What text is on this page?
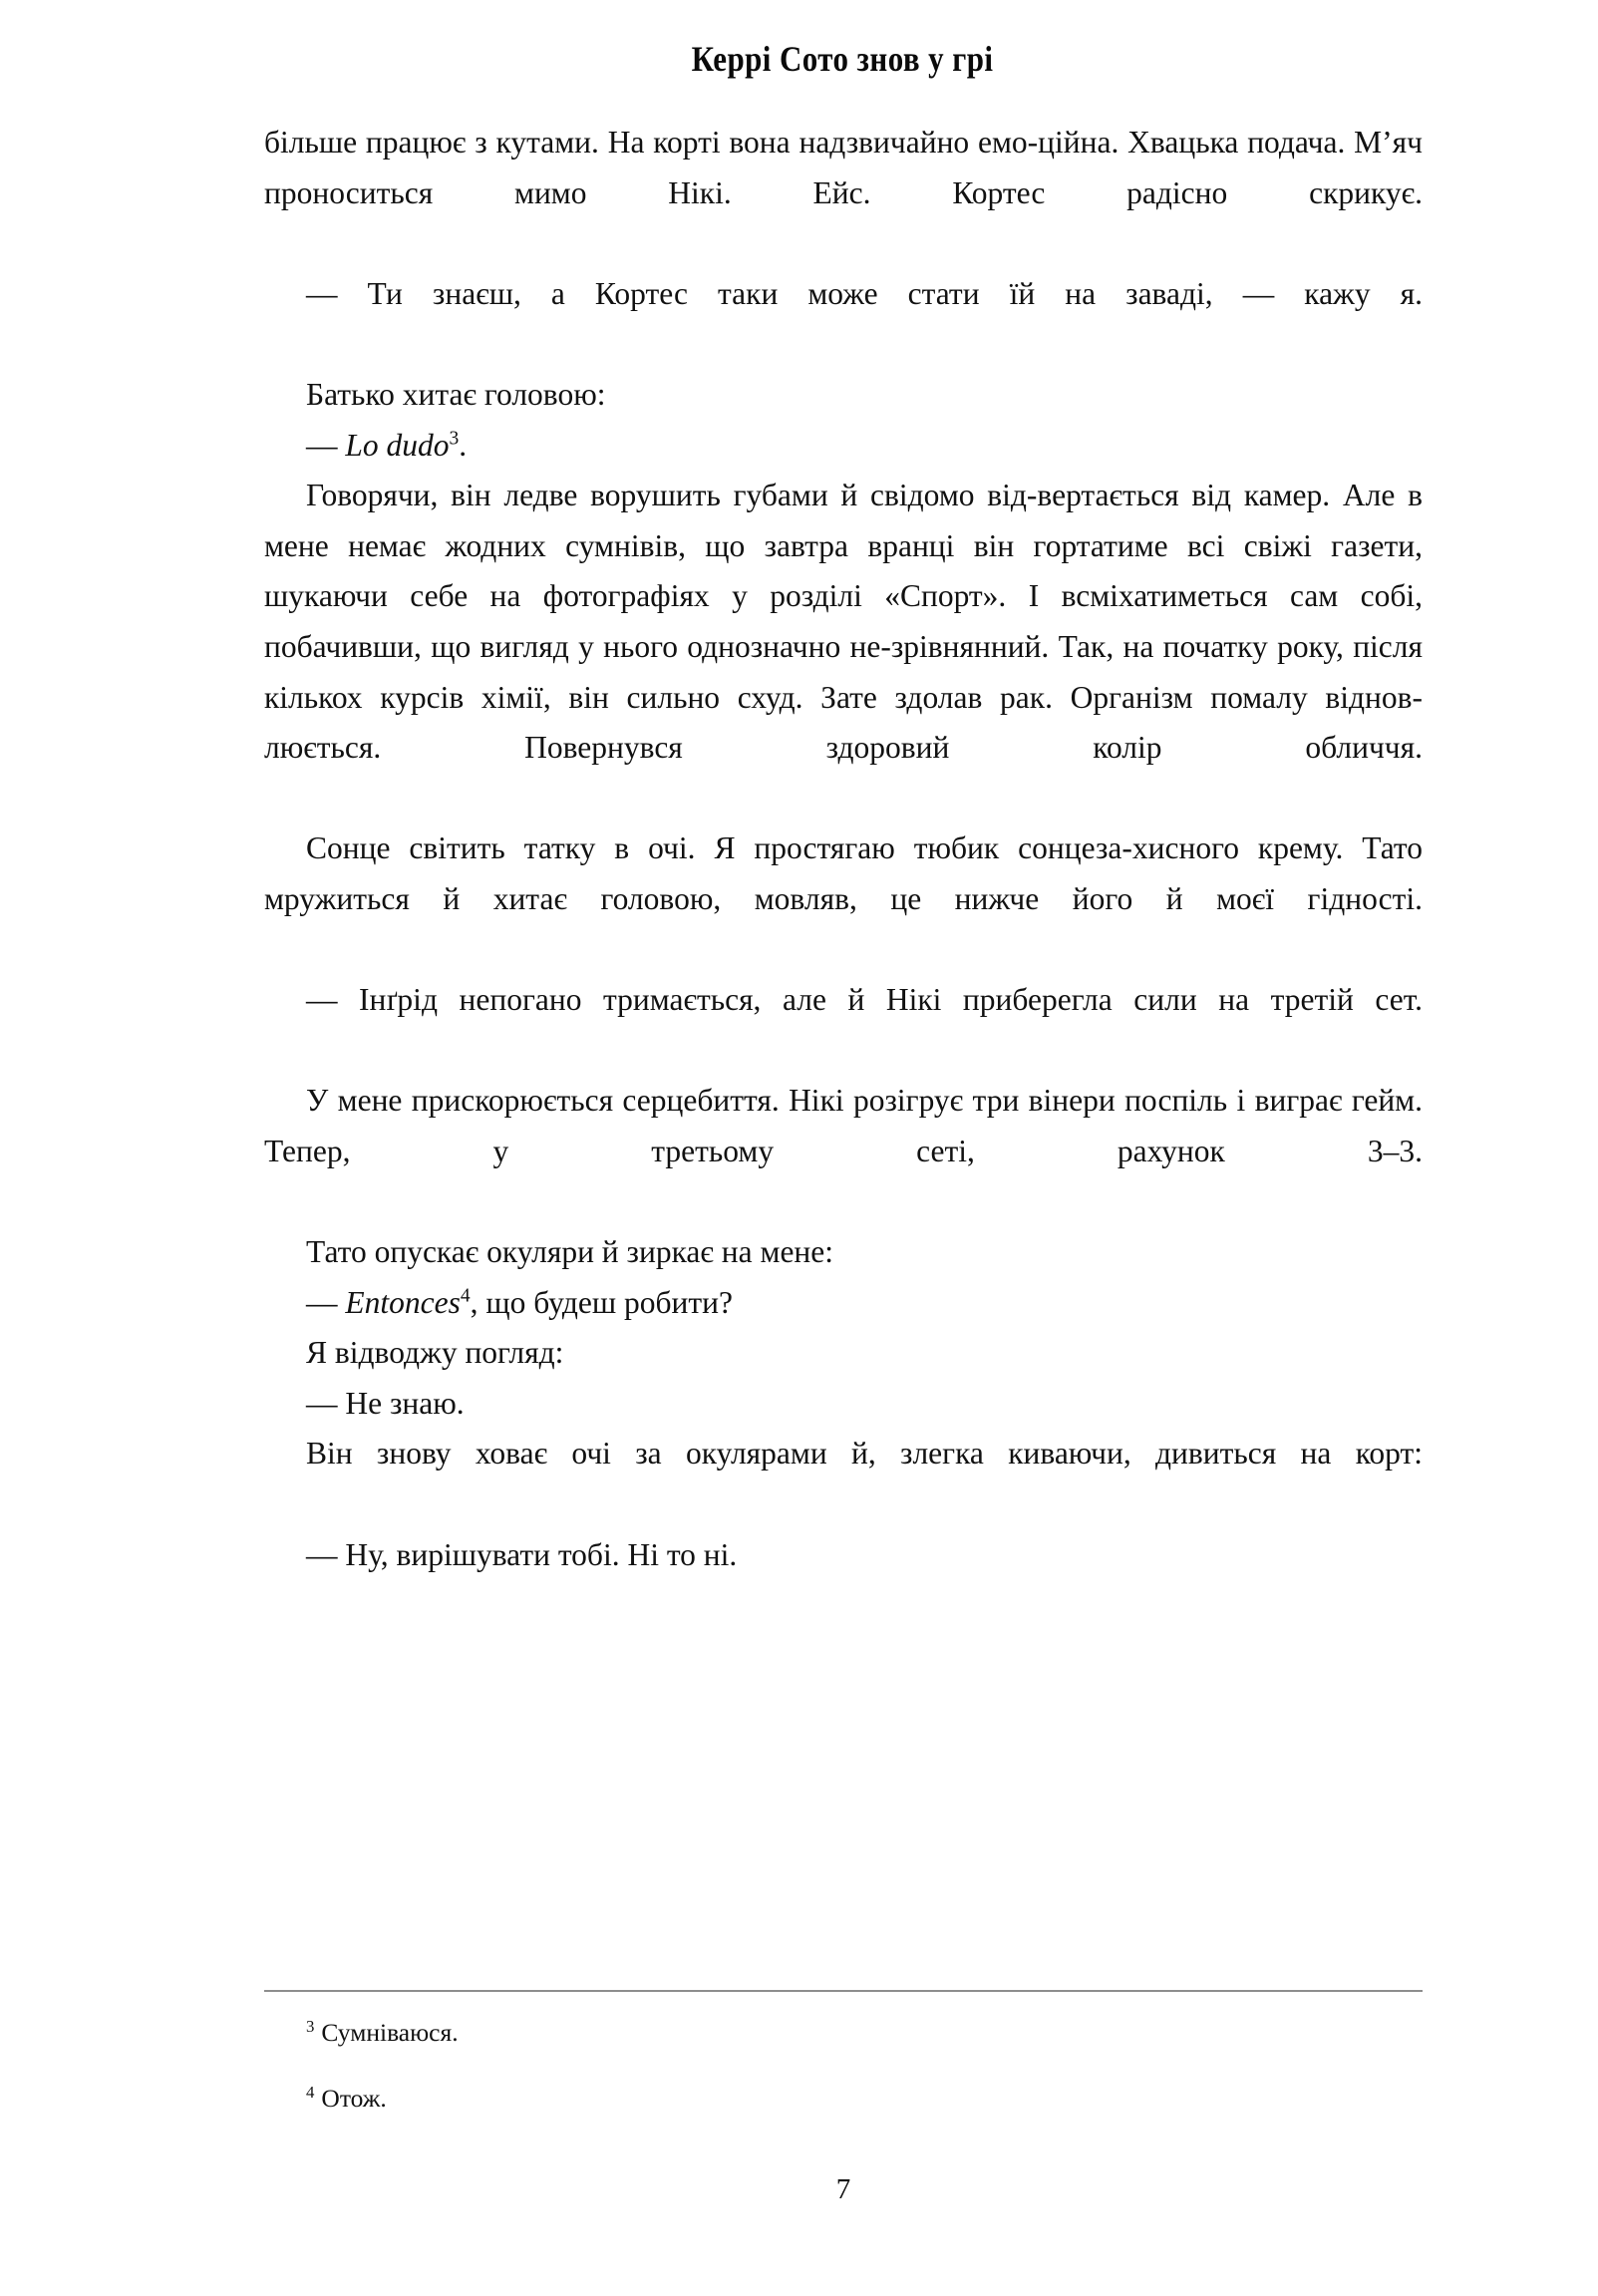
Керрі Сото знов у грі

більше працює з кутами. На корті вона надзвичайно емо-ційна. Хвацька подача. М’яч проноситься мимо Нікі. Ейс. Кортес радісно скрикує.

— Ти знаєш, а Кортес таки може стати їй на заваді, — кажу я.

Батько хитає головою:

— Lo dudo$^3$.

Говорячи, він ледве ворушить губами й свідомо від-вертається від камер. Але в мене немає жодних сумнівів, що завтра вранці він гортатиме всі свіжі газети, шукаючи себе на фотографіях у розділі «Спорт». І всміхатиметься сам собі, побачивши, що вигляд у нього однозначно не-зрівнянний. Так, на початку року, після кількох курсів хімії, він сильно схуд. Зате здолав рак. Організм помалу віднов-люється. Повернувся здоровий колір обличчя.

Сонце світить татку в очі. Я простягаю тюбик сонцеза-хисного крему. Тато мружиться й хитає головою, мовляв, це нижче його й моєї гідності.

— Інґрід непогано тримається, але й Нікі приберегла сили на третій сет.

У мене прискорюється серцебиття. Нікі розігрує три вінери поспіль і виграє гейм. Тепер, у третьому сеті, рахунок 3–3.

Тато опускає окуляри й зиркає на мене:

— Entonces$^4$, що будеш робити?

Я відводжу погляд:

— Не знаю.

Він знову ховає очі за окулярами й, злегка киваючи, дивиться на корт:

— Ну, вирішувати тобі. Ні то ні.

$^3$ Сумніваюся.

$^4$ Отож.

7
